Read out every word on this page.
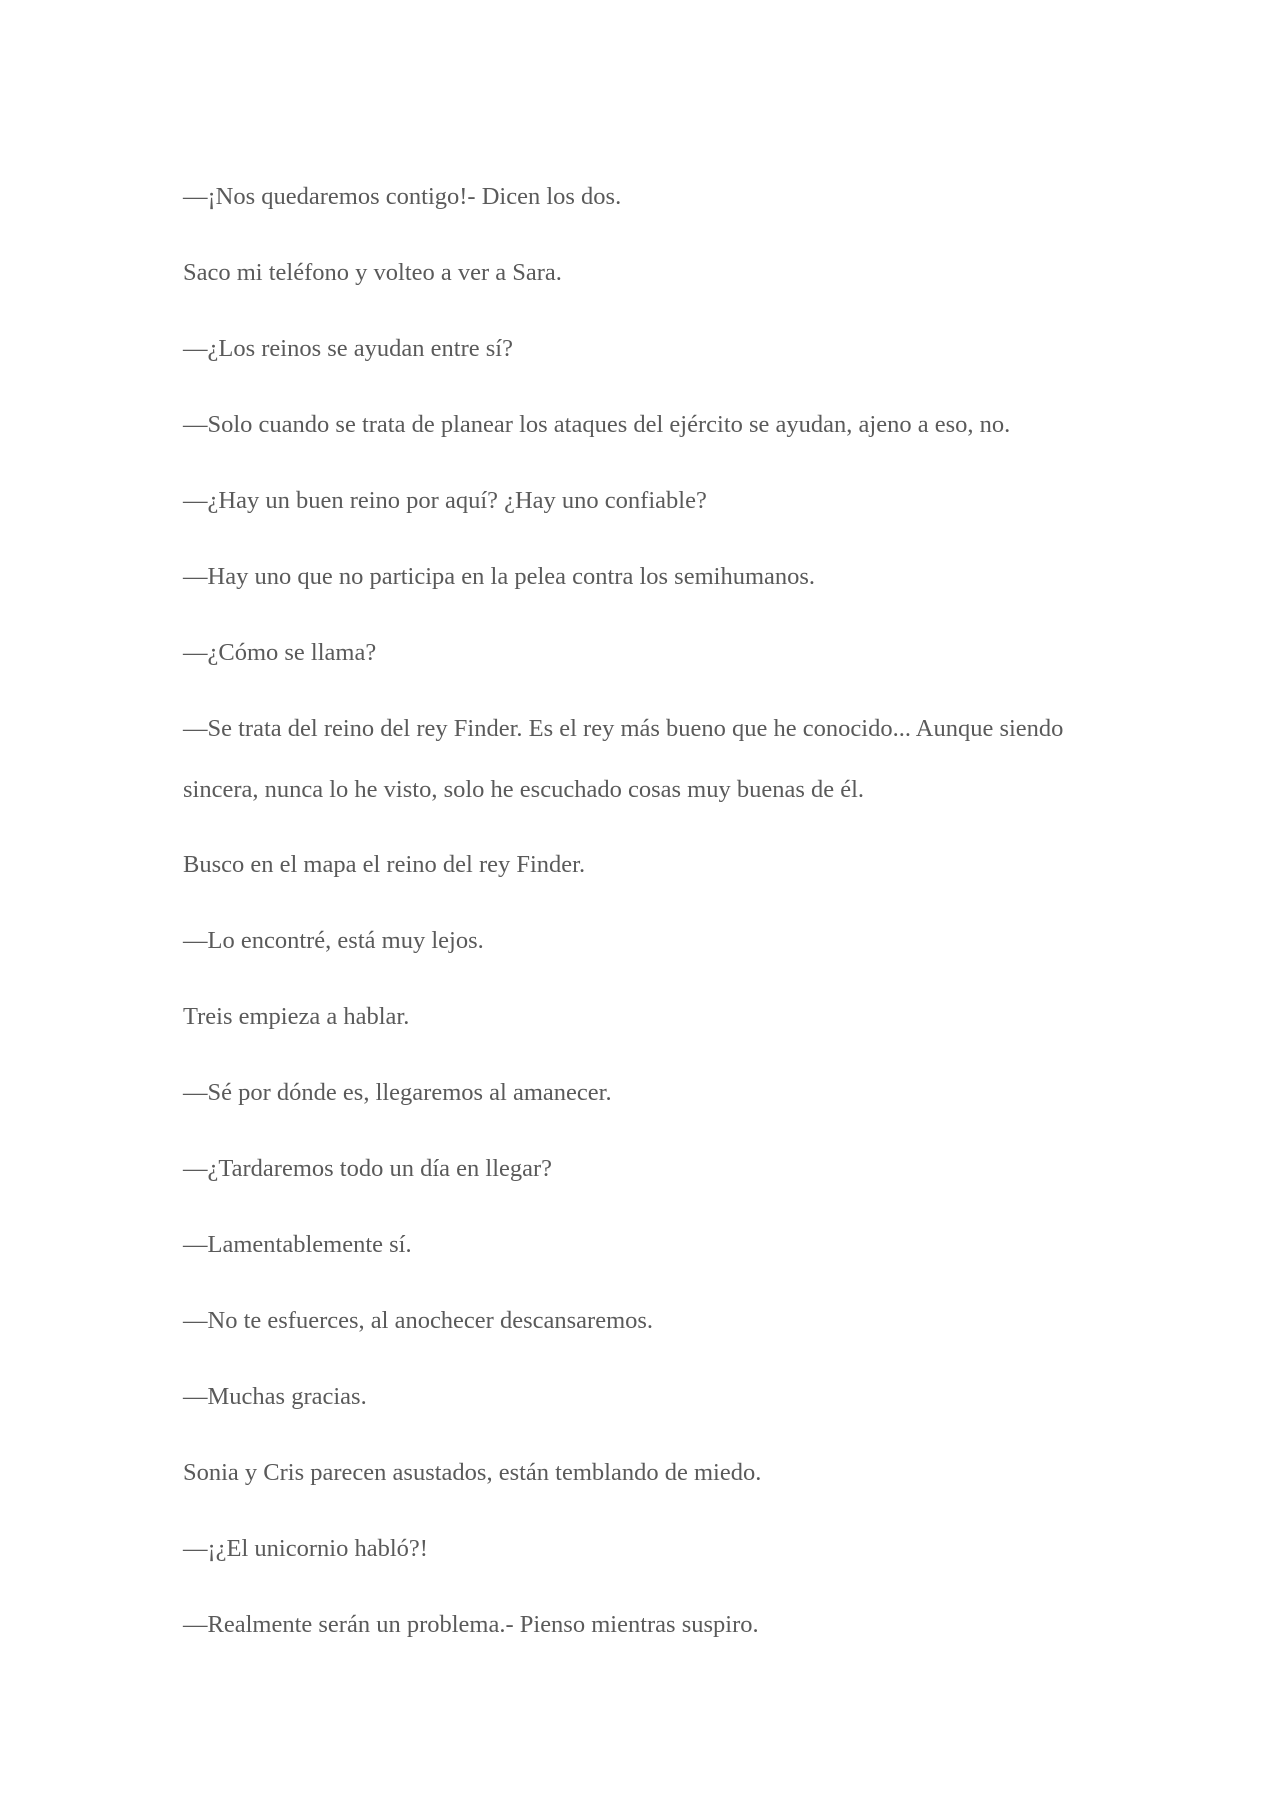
—¡Nos quedaremos contigo!- Dicen los dos.

Saco mi teléfono y volteo a ver a Sara.

—¿Los reinos se ayudan entre sí?

—Solo cuando se trata de planear los ataques del ejército se ayudan, ajeno a eso, no.

—¿Hay un buen reino por aquí? ¿Hay uno confiable?

—Hay uno que no participa en la pelea contra los semihumanos.

—¿Cómo se llama?

—Se trata del reino del rey Finder. Es el rey más bueno que he conocido... Aunque siendo sincera, nunca lo he visto, solo he escuchado cosas muy buenas de él.

Busco en el mapa el reino del rey Finder.

—Lo encontré, está muy lejos.

Treis empieza a hablar.

—Sé por dónde es, llegaremos al amanecer.

—¿Tardaremos todo un día en llegar?

—Lamentablemente sí.

—No te esfuerces, al anochecer descansaremos.

—Muchas gracias.

Sonia y Cris parecen asustados, están temblando de miedo.

—¡¿El unicornio habló?!

—Realmente serán un problema.- Pienso mientras suspiro.
